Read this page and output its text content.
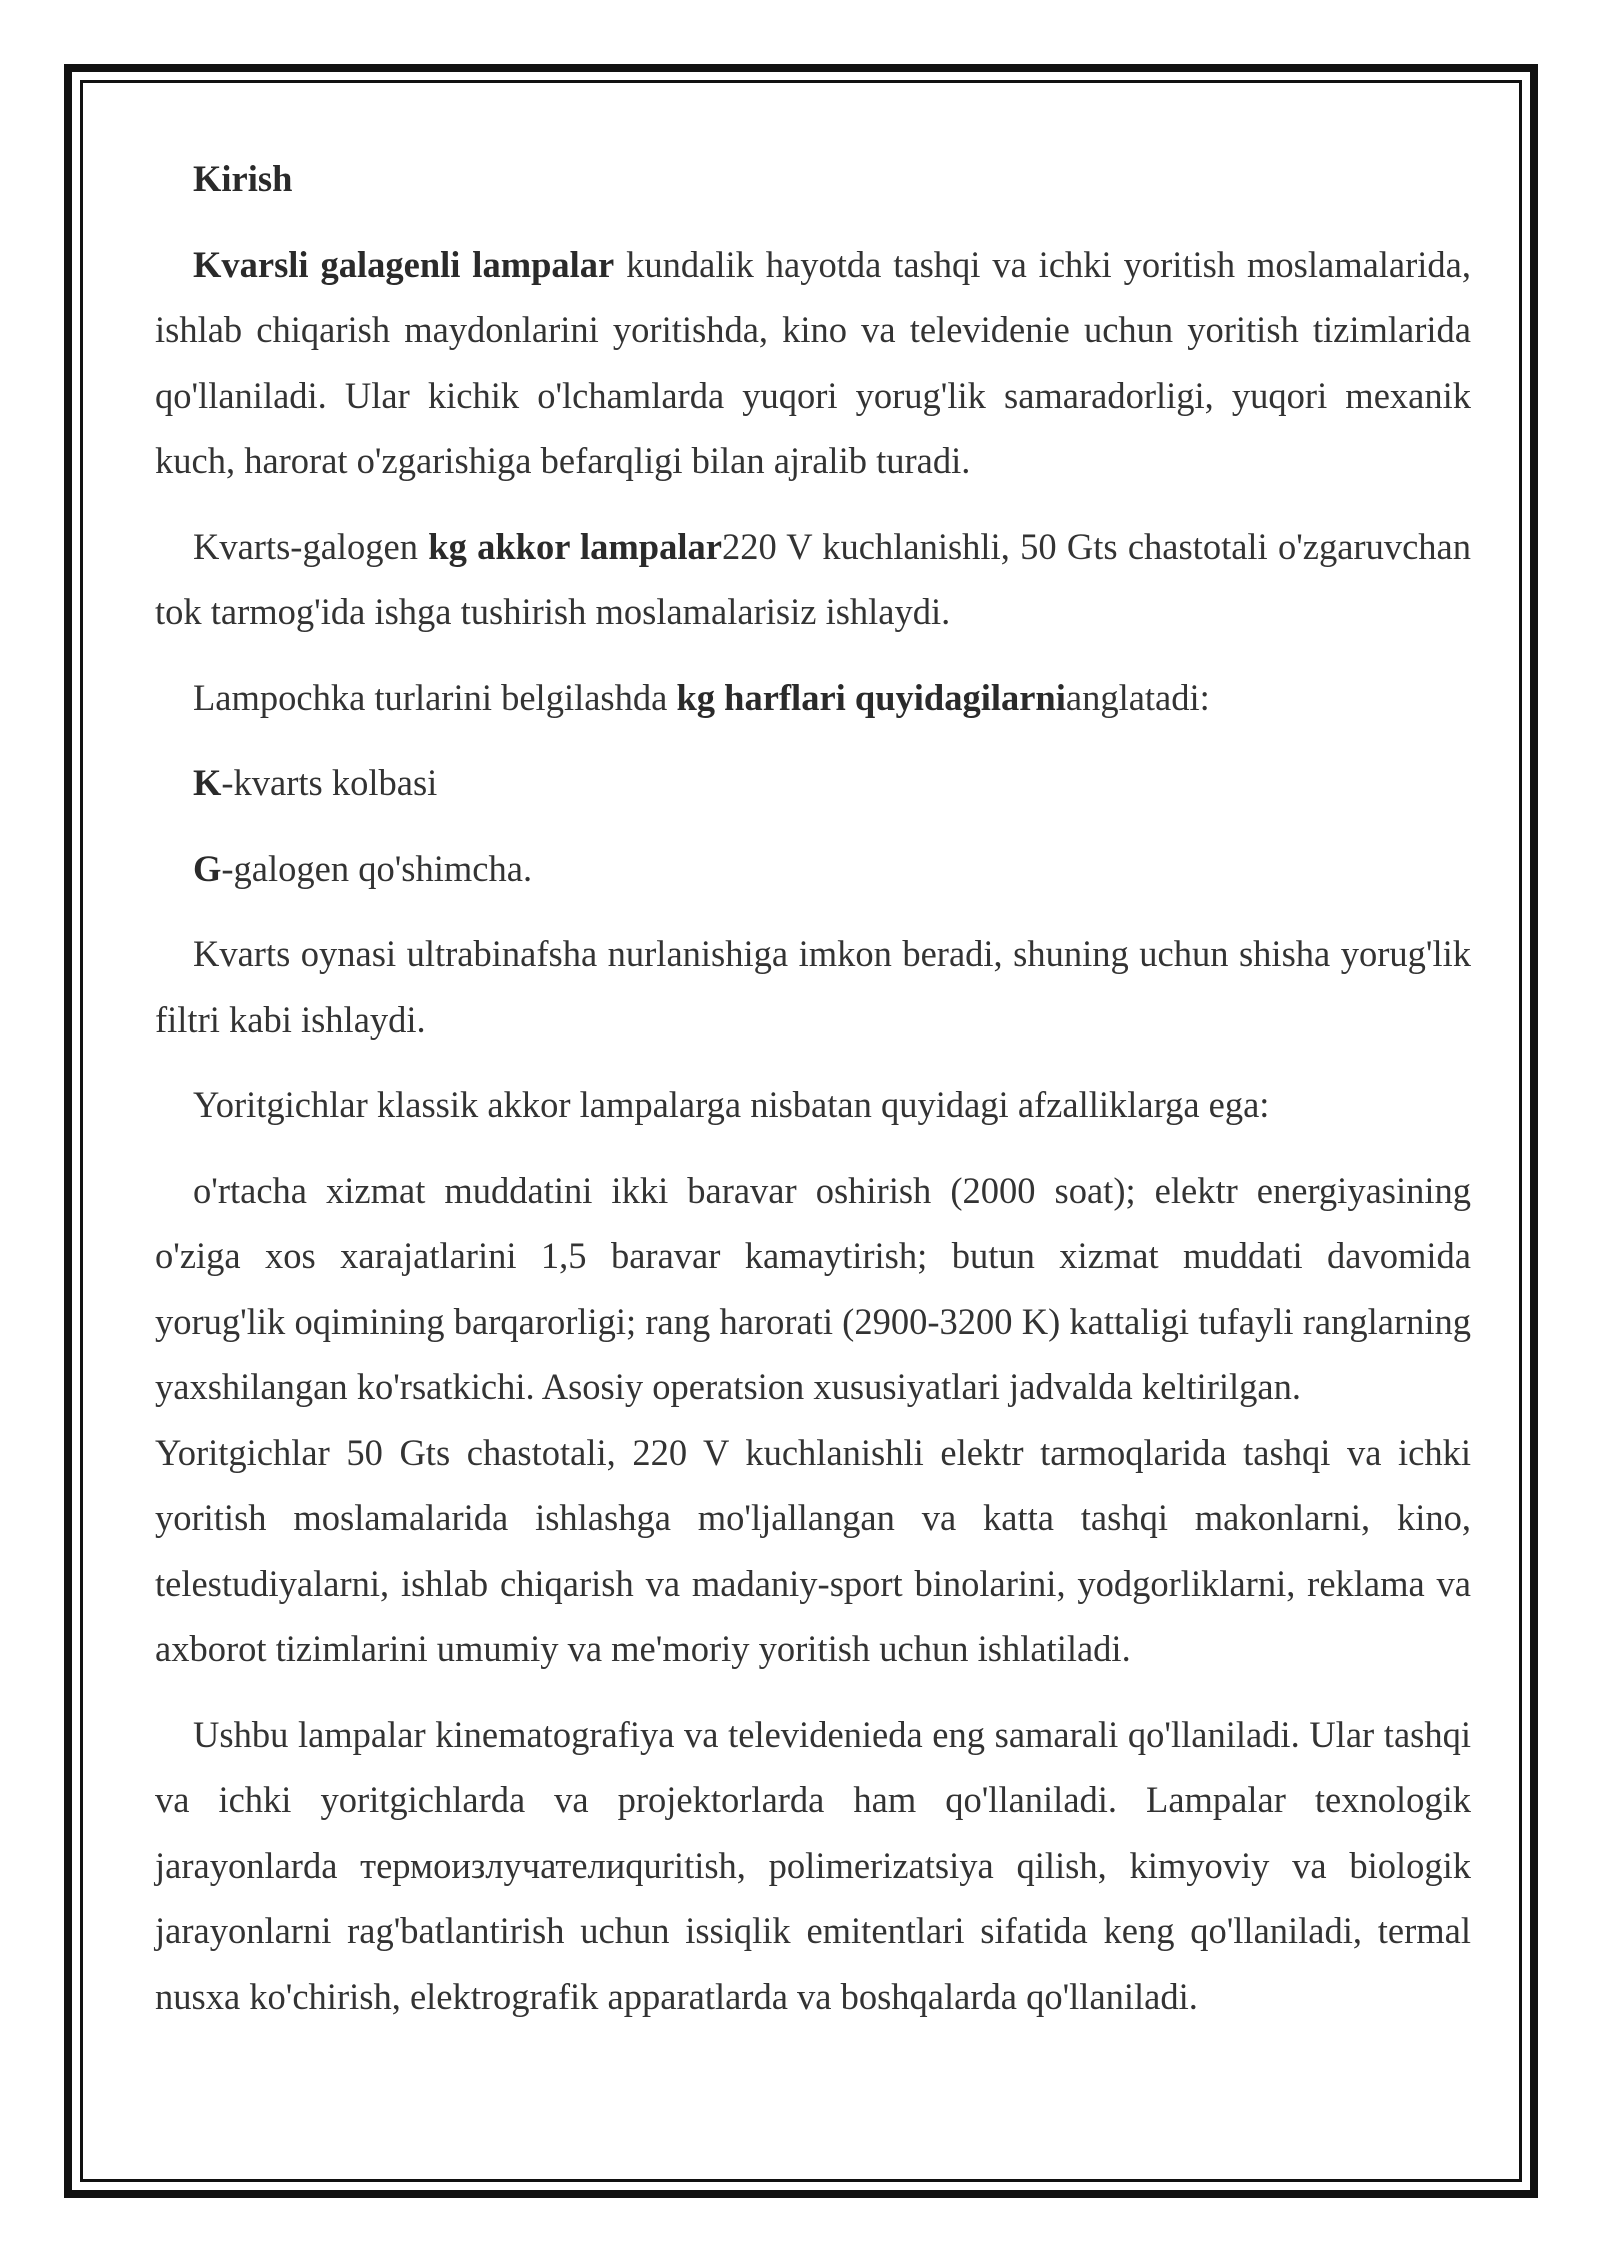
Kirish

Kvarsli galagenli lampalar kundalik hayotda tashqi va ichki yoritish moslamalarida, ishlab chiqarish maydonlarini yoritishda, kino va televidenie uchun yoritish tizimlarida qo'llaniladi. Ular kichik o'lchamlarda yuqori yorug'lik samaradorligi, yuqori mexanik kuch, harorat o'zgarishiga befarqligi bilan ajralib turadi.

Kvarts-galogen kg akkor lampalar220 V kuchlanishli, 50 Gts chastotali o'zgaruvchan tok tarmog'ida ishga tushirish moslamalarisiz ishlaydi.

Lampochka turlarini belgilashda kg harflari quyidagilarnianglatadi:

K-kvarts kolbasi

G-galogen qo'shimcha.

Kvarts oynasi ultrabinafsha nurlanishiga imkon beradi, shuning uchun shisha yorug'lik filtri kabi ishlaydi.

Yoritgichlar klassik akkor lampalarga nisbatan quyidagi afzalliklarga ega:

o'rtacha xizmat muddatini ikki baravar oshirish (2000 soat); elektr energiyasining o'ziga xos xarajatlarini 1,5 baravar kamaytirish; butun xizmat muddati davomida yorug'lik oqimining barqarorligi; rang harorati (2900-3200 K) kattaligi tufayli ranglarning yaxshilangan ko'rsatkichi. Asosiy operatsion xususiyatlari jadvalda keltirilgan.

Yoritgichlar 50 Gts chastotali, 220 V kuchlanishli elektr tarmoqlarida tashqi va ichki yoritish moslamalarida ishlashga mo'ljallangan va katta tashqi makonlarni, kino, telestudiyalarni, ishlab chiqarish va madaniy-sport binolarini, yodgorliklarni, reklama va axborot tizimlarini umumiy va me'moriy yoritish uchun ishlatiladi.

Ushbu lampalar kinematografiya va televidenieda eng samarali qo'llaniladi. Ular tashqi va ichki yoritgichlarda va projektorlarda ham qo'llaniladi. Lampalar texnologik jarayonlarda термоизлучателиquritish, polimerizatsiya qilish, kimyoviy va biologik jarayonlarni rag'batlantirish uchun issiqlik emitentlari sifatida keng qo'llaniladi, termal nusxa ko'chirish, elektrografik apparatlarda va boshqalarda qo'llaniladi.
